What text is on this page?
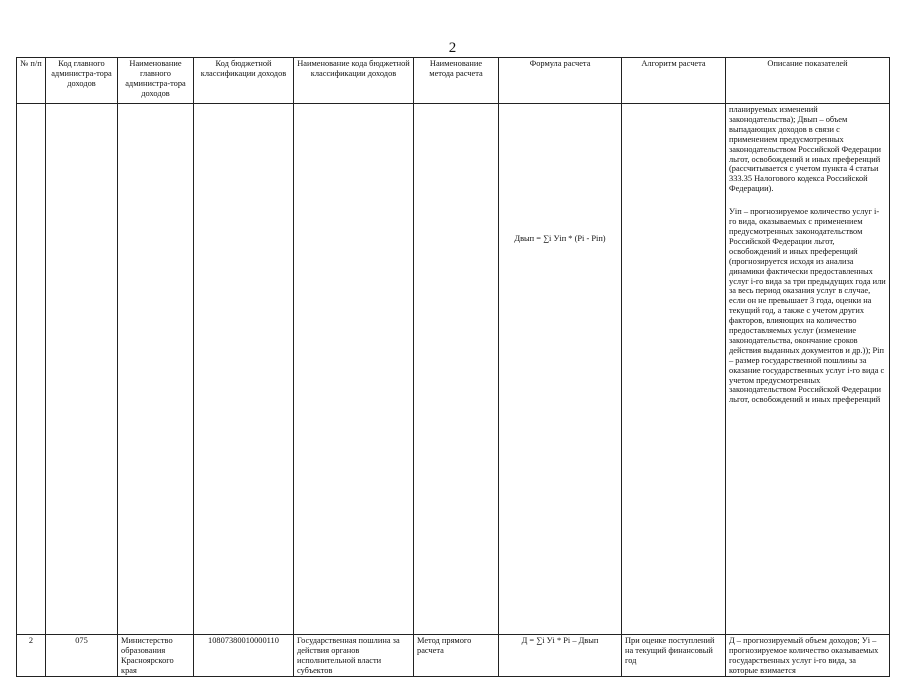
2
№ п/п	Код главного администра-тора доходов	Наименование главного администра-тора доходов	Код бюджетной классификации доходов	Наименование кода бюджетной классификации доходов	Наименование метода расчета	Формула расчета	Алгоритм расчета	Описание показателей
						Двып = ∑i Уiп * (Рi - Рiп)		планируемых изменений законодательства); Двып – объем выпадающих доходов в связи с применением предусмотренных законодательством Российской Федерации льгот, освобождений и иных преференций (рассчитывается с учетом пункта 4 статьи 333.35 Налогового кодекса Российской Федерации).
Уiп – прогнозируемое количество услуг i-го вида, оказываемых с применением предусмотренных законодательством Российской Федерации льгот, освобождений и иных преференций (прогнозируется исходя из анализа динамики фактически предоставленных услуг i-го вида за три предыдущих года или за весь период оказания услуг в случае, если он не превышает 3 года, оценки на текущий год, а также с учетом других факторов, влияющих на количество предоставляемых услуг (изменение законодательства, окончание сроков действия выданных документов и др.)); Рiп – размер государственной пошлины за оказание государственных услуг i-го вида с учетом предусмотренных законодательством Российской Федерации льгот, освобождений и иных преференций

2	075	Министерство образования Красноярского края	10807380010000110	Государственная пошлина за действия органов исполнительной власти субъектов	Метод прямого расчета	Д = ∑i Уi * Рi – Двып	При оценке поступлений на текущий финансовый год	Д – прогнозируемый объем доходов; Уi – прогнозируемое количество оказываемых государственных услуг i-го вида, за которые взимается
